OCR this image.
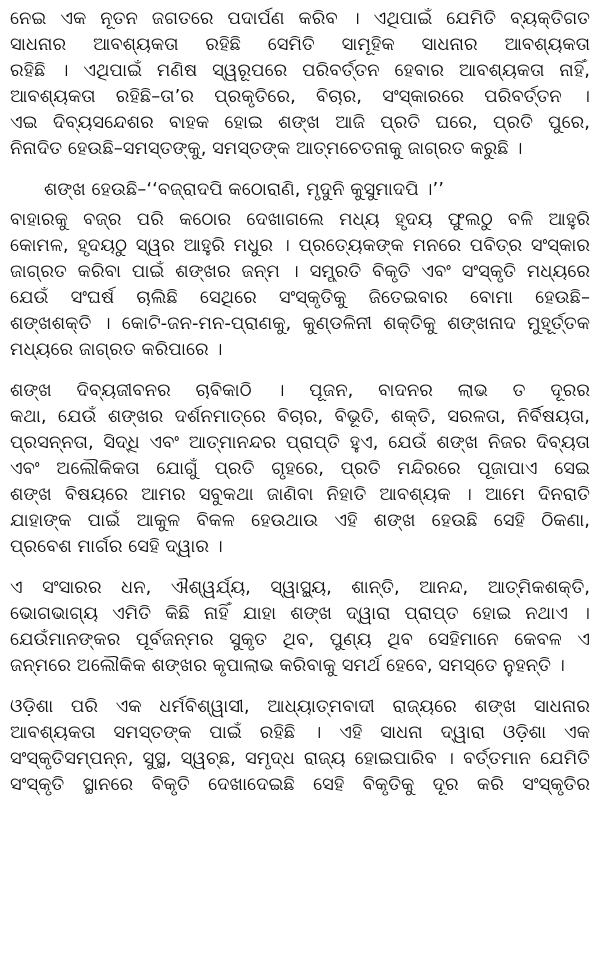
ନେଇ ଏକ ନୂତନ ଜଗତରେ ପଦାର୍ପଣ କରିବ । ଏଥିପାଇଁ ଯେମିତି ବ୍ୟକ୍ତିଗତ
ସାଧନାର ଆବଶ୍ୟକତା ରହିଛି ସେମିତି ସାମୂହିକ ସାଧନାର ଆବଶ୍ୟକତା
ରହିଛି । ଏଥିପାଇଁ ମଣିଷ ସ୍ୱରୂପରେ ପରିବର୍ତ୍ତନ ହେବାର ଆବଶ୍ୟକତା ନାହିଁ,
ଆବଶ୍ୟକତା ରହିଛି–ତା’ର ପ୍ରକୃତିରେ, ବିଚାର, ସଂସ୍କାରରେ ପରିବର୍ତ୍ତନ ।
ଏଇ ଦିବ୍ୟସନ୍ଦେଶର ବାହକ ହୋଇ ଶଙ୍ଖ ଆଜି ପ୍ରତି ଘରେ, ପ୍ରତି ପୁରେ,
ନିନାଦିତ ହେଉଛି–ସମସ୍ତଙ୍କୁ, ସମସ୍ତଙ୍କ ଆତ୍ମଚେତନାକୁ ଜାଗ୍ରତ କରୁଛି ।
ଶଙ୍ଖ ହେଉଛି–‘‘ବଜ୍ରାଦପି କଠୋରାଣି, ମୃଦୁନି କୁସୁମାଦପି ।’’
ବାହାରକୁ ବଜ୍ର ପରି କଠୋର ଦେଖାଗଲେ ମଧ୍ୟ ହୃଦୟ ଫୁଲଠୁ ବଳି ଆହୁରି
କୋମଳ, ହୃଦୟଠୁ ସ୍ୱର ଆହୁରି ମଧୁର । ପ୍ରତ୍ୟେକଙ୍କ ମନରେ ପବିତ୍ର ସଂସ୍କାର
ଜାଗ୍ରତ କରିବା ପାଇଁ ଶଙ୍ଖର ଜନ୍ମ । ସମ୍ପ୍ରତି ବିକୃତି ଏବଂ ସଂସ୍କୃତି ମଧ୍ୟରେ
ଯେଉଁ ସଂଘର୍ଷ ଚାଲିଛି ସେଥିରେ ସଂସ୍କୃତିକୁ ଜିତେଇବାର ବୋମା ହେଉଛି–
ଶଙ୍ଖଶକ୍ତି । କୋଟି-ଜନ-ମନ-ପ୍ରାଣକୁ, କୁଣ୍ଡଳିନୀ ଶକ୍ତିକୁ ଶଙ୍ଖନାଦ ମୁହୂର୍ତ୍ତକ
ମଧ୍ୟରେ ଜାଗ୍ରତ କରିପାରେ ।
ଶଙ୍ଖ ଦିବ୍ୟଜୀବନର ଚାବିକାଠି । ପୂଜନ, ବାଦନର ଲାଭ ତ ଦୂରର
କଥା, ଯେଉଁ ଶଙ୍ଖର ଦର୍ଶନମାତ୍ରେ ବିଚାର, ବିଭୂତି, ଶକ୍ତି, ସରଳତା, ନିର୍ବିଷୟତା,
ପ୍ରସନ୍ନତା, ସିଦ୍ଧି ଏବଂ ଆତ୍ମାନନ୍ଦର ପ୍ରାପ୍ତି ହୁଏ, ଯେଉଁ ଶଙ୍ଖ ନିଜର ଦିବ୍ୟତା
ଏବଂ ଅଲୌକିକତା ଯୋଗୁଁ ପ୍ରତି ଗୃହରେ, ପ୍ରତି ମନ୍ଦିରରେ ପୂଜାପାଏ ସେଇ
ଶଙ୍ଖ ବିଷୟରେ ଆମର ସବୁକଥା ଜାଣିବା ନିହାତି ଆବଶ୍ୟକ । ଆମେ ଦିନରାତି
ଯାହାଙ୍କ ପାଇଁ ଆକୁଳ ବିକଳ ହେଉଥାଉ ଏହି ଶଙ୍ଖ ହେଉଛି ସେହି ଠିକଣା,
ପ୍ରବେଶ ମାର୍ଗର ସେହି ଦ୍ୱାର ।
ଏ ସଂସାରର ଧନ, ଐଶ୍ୱର୍ଯ୍ୟ, ସ୍ୱାସ୍ଥ୍ୟ, ଶାନ୍ତି, ଆନନ୍ଦ, ଆତ୍ମିକଶକ୍ତି,
ଭୋଗଭାଗ୍ୟ ଏମିତି କିଛି ନାହିଁ ଯାହା ଶଙ୍ଖ ଦ୍ୱାରା ପ୍ରାପ୍ତ ହୋଇ ନଥାଏ ।
ଯେଉଁମାନଙ୍କର ପୂର୍ବଜନ୍ମର ସୁକୃତ ଥିବ, ପୁଣ୍ୟ ଥିବ ସେହିମାନେ କେବଳ ଏ
ଜନ୍ମରେ ଅଲୌକିକ ଶଙ୍ଖର କୃପାଲାଭ କରିବାକୁ ସମର୍ଥ ହେବେ, ସମସ୍ତେ ନୁହନ୍ତି ।
ଓଡ଼ିଶା ପରି ଏକ ଧର୍ମବିଶ୍ୱାସୀ, ଆଧ୍ୟାତ୍ମବାଦୀ ରାଜ୍ୟରେ ଶଙ୍ଖ ସାଧନାର
ଆବଶ୍ୟକତା ସମସ୍ତଙ୍କ ପାଇଁ ରହିଛି । ଏହି ସାଧନା ଦ୍ୱାରା ଓଡ଼ିଶା ଏକ
ସଂସ୍କୃତିସମ୍ପନ୍ନ, ସୁସ୍ଥ, ସ୍ୱଚ୍ଛ, ସମୃଦ୍ଧ ରାଜ୍ୟ ହୋଇପାରିବ । ବର୍ତ୍ତମାନ ଯେମିତି
ସଂସ୍କୃତି ସ୍ଥାନରେ ବିକୃତି ଦେଖାଦେଇଛି ସେହି ବିକୃତିକୁ ଦୂର କରି ସଂସ୍କୃତିର
